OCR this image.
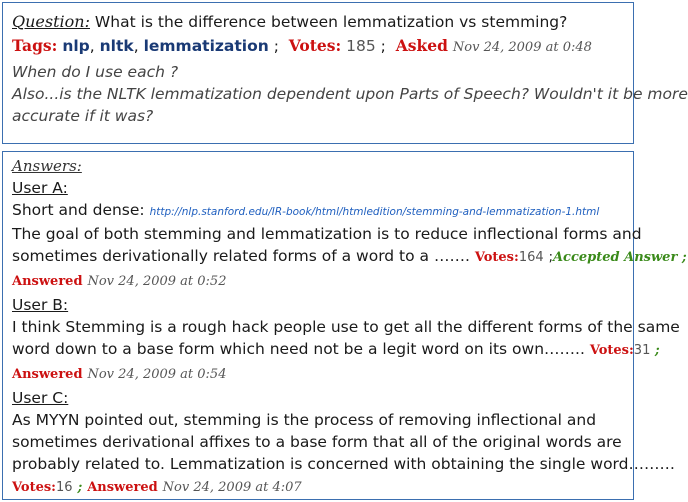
Question: What is the difference between lemmatization vs stemming?
Tags: nlp, nltk, lemmatization ;  Votes: 185 ;  Asked Nov 24, 2009 at 0:48
When do I use each ?
Also...is the NLTK lemmatization dependent upon Parts of Speech? Wouldn't it be more
accurate if it was?
Answers:
User A:
Short and dense: http://nlp.stanford.edu/IR-book/html/htmledition/stemming-and-lemmatization-1.html
The goal of both stemming and lemmatization is to reduce inflectional forms and
sometimes derivationally related forms of a word to a ……. Votes:164 ;Accepted Answer ;
Answered Nov 24, 2009 at 0:52
User B:
I think Stemming is a rough hack people use to get all the different forms of the same
word down to a base form which need not be a legit word on its own…….. Votes:31 ;
Answered Nov 24, 2009 at 0:54
User C:
As MYYN pointed out, stemming is the process of removing inflectional and
sometimes derivational affixes to a base form that all of the original words are
probably related to. Lemmatization is concerned with obtaining the single word………
Votes:16 ; Answered Nov 24, 2009 at 4:07
